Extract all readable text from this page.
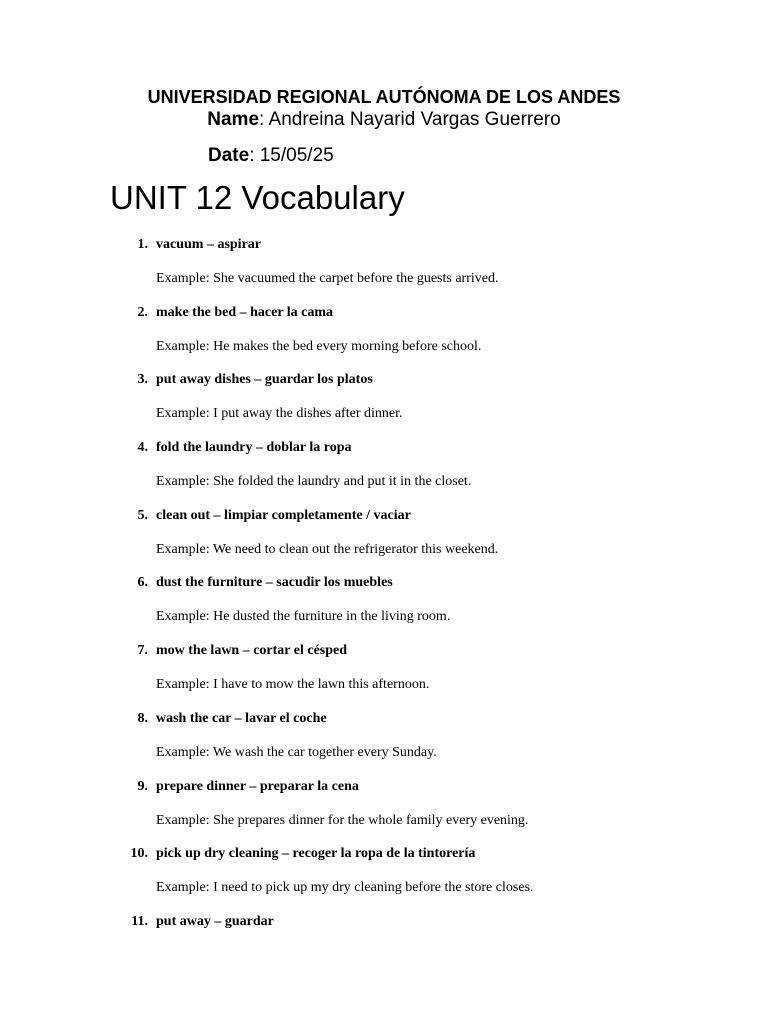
UNIVERSIDAD REGIONAL AUTÓNOMA DE LOS ANDES
Name: Andreina Nayarid Vargas Guerrero
Date: 15/05/25
UNIT 12 Vocabulary
1. vacuum – aspirar
Example: She vacuumed the carpet before the guests arrived.
2. make the bed – hacer la cama
Example: He makes the bed every morning before school.
3. put away dishes – guardar los platos
Example: I put away the dishes after dinner.
4. fold the laundry – doblar la ropa
Example: She folded the laundry and put it in the closet.
5. clean out – limpiar completamente / vaciar
Example: We need to clean out the refrigerator this weekend.
6. dust the furniture – sacudir los muebles
Example: He dusted the furniture in the living room.
7. mow the lawn – cortar el césped
Example: I have to mow the lawn this afternoon.
8. wash the car – lavar el coche
Example: We wash the car together every Sunday.
9. prepare dinner – preparar la cena
Example: She prepares dinner for the whole family every evening.
10. pick up dry cleaning – recoger la ropa de la tintorería
Example: I need to pick up my dry cleaning before the store closes.
11. put away – guardar
